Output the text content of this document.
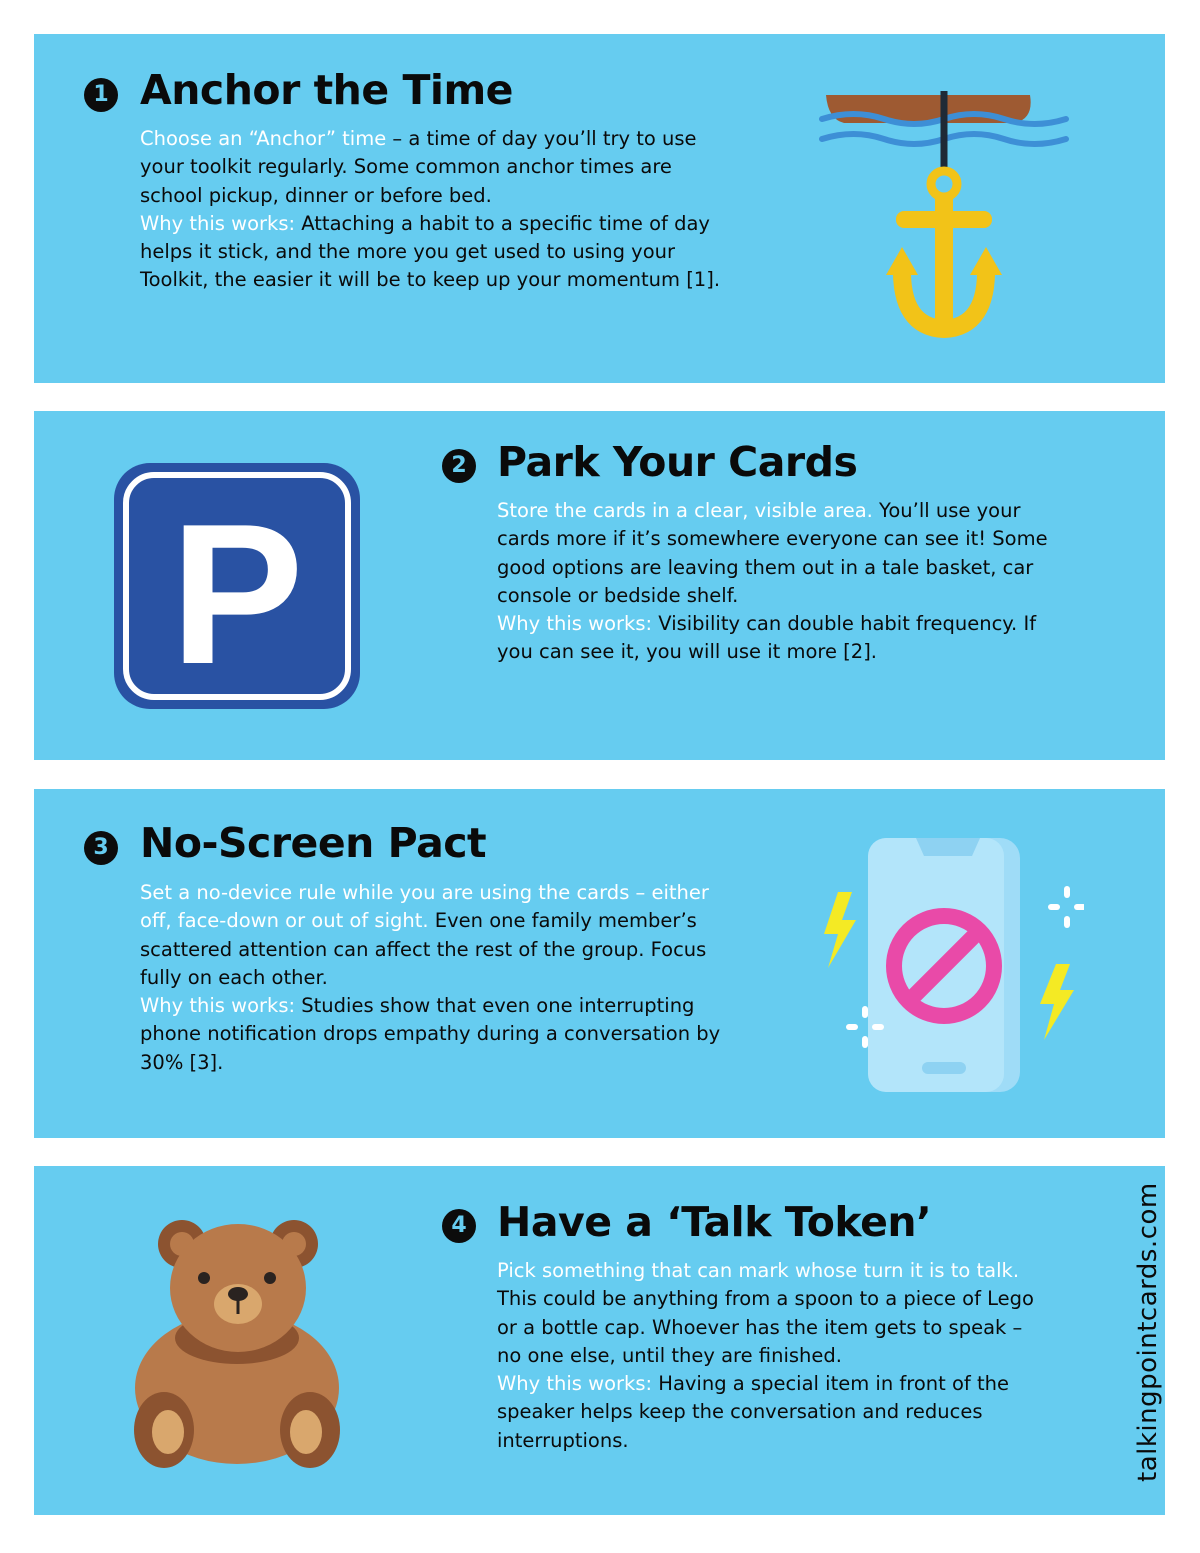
1 Anchor the Time

Choose an “Anchor” time – a time of day you’ll try to use your toolkit regularly. Some common anchor times are school pickup, dinner or before bed.
Why this works: Attaching a habit to a specific time of day helps it stick, and the more you get used to using your Toolkit, the easier it will be to keep up your momentum [1].

P
2 Park Your Cards

Store the cards in a clear, visible area. You’ll use your cards more if it’s somewhere everyone can see it! Some good options are leaving them out in a tale basket, car console or bedside shelf.
Why this works: Visibility can double habit frequency. If you can see it, you will use it more [2].

3 No-Screen Pact

Set a no-device rule while you are using the cards – either off, face-down or out of sight. Even one family member’s scattered attention can affect the rest of the group. Focus fully on each other.
Why this works: Studies show that even one interrupting phone notification drops empathy during a conversation by 30% [3].

4 Have a ‘Talk Token’

Pick something that can mark whose turn it is to talk. This could be anything from a spoon to a piece of Lego or a bottle cap. Whoever has the item gets to speak – no one else, until they are finished.
Why this works: Having a special item in front of the speaker helps keep the conversation and reduces interruptions.	talkingpointcards.com
